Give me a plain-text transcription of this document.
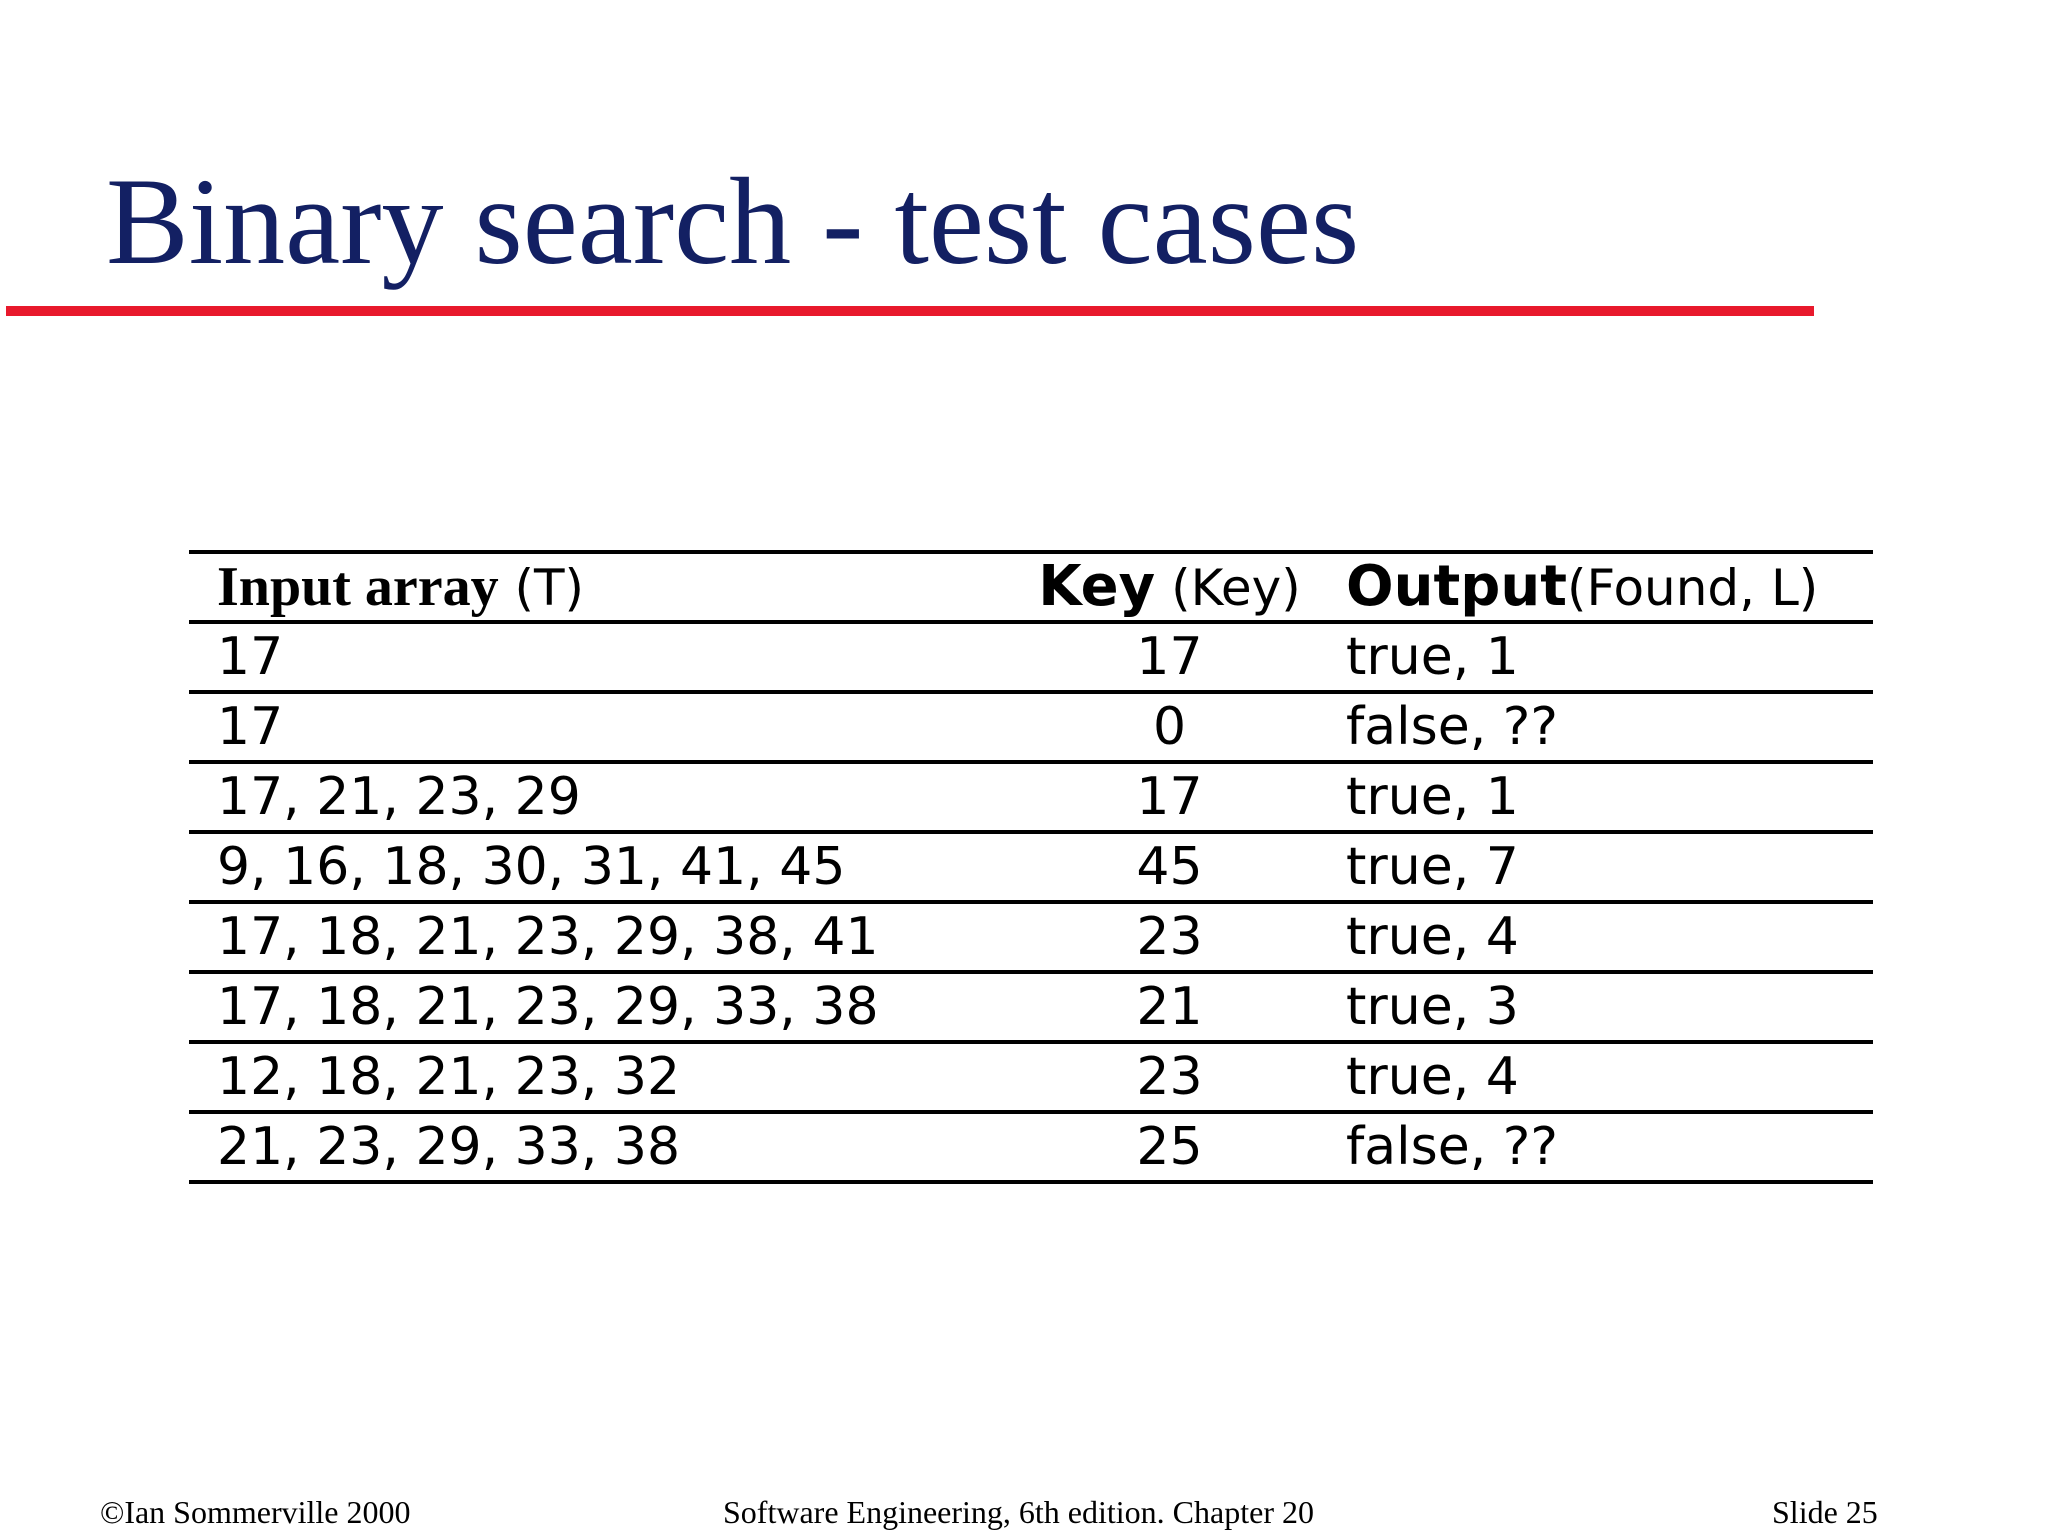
Binary search - test cases
Input array (T)	Key (Key)	Output(Found, L)
17	17	true, 1
17	0	false, ??
17, 21, 23, 29	17	true, 1
9, 16, 18, 30, 31, 41, 45	45	true, 7
17, 18, 21, 23, 29, 38, 41	23	true, 4
17, 18, 21, 23, 29, 33, 38	21	true, 3
12, 18, 21, 23, 32	23	true, 4
21, 23, 29, 33, 38	25	false, ??
©Ian Sommerville 2000	Software Engineering, 6th edition. Chapter 20	Slide 25
